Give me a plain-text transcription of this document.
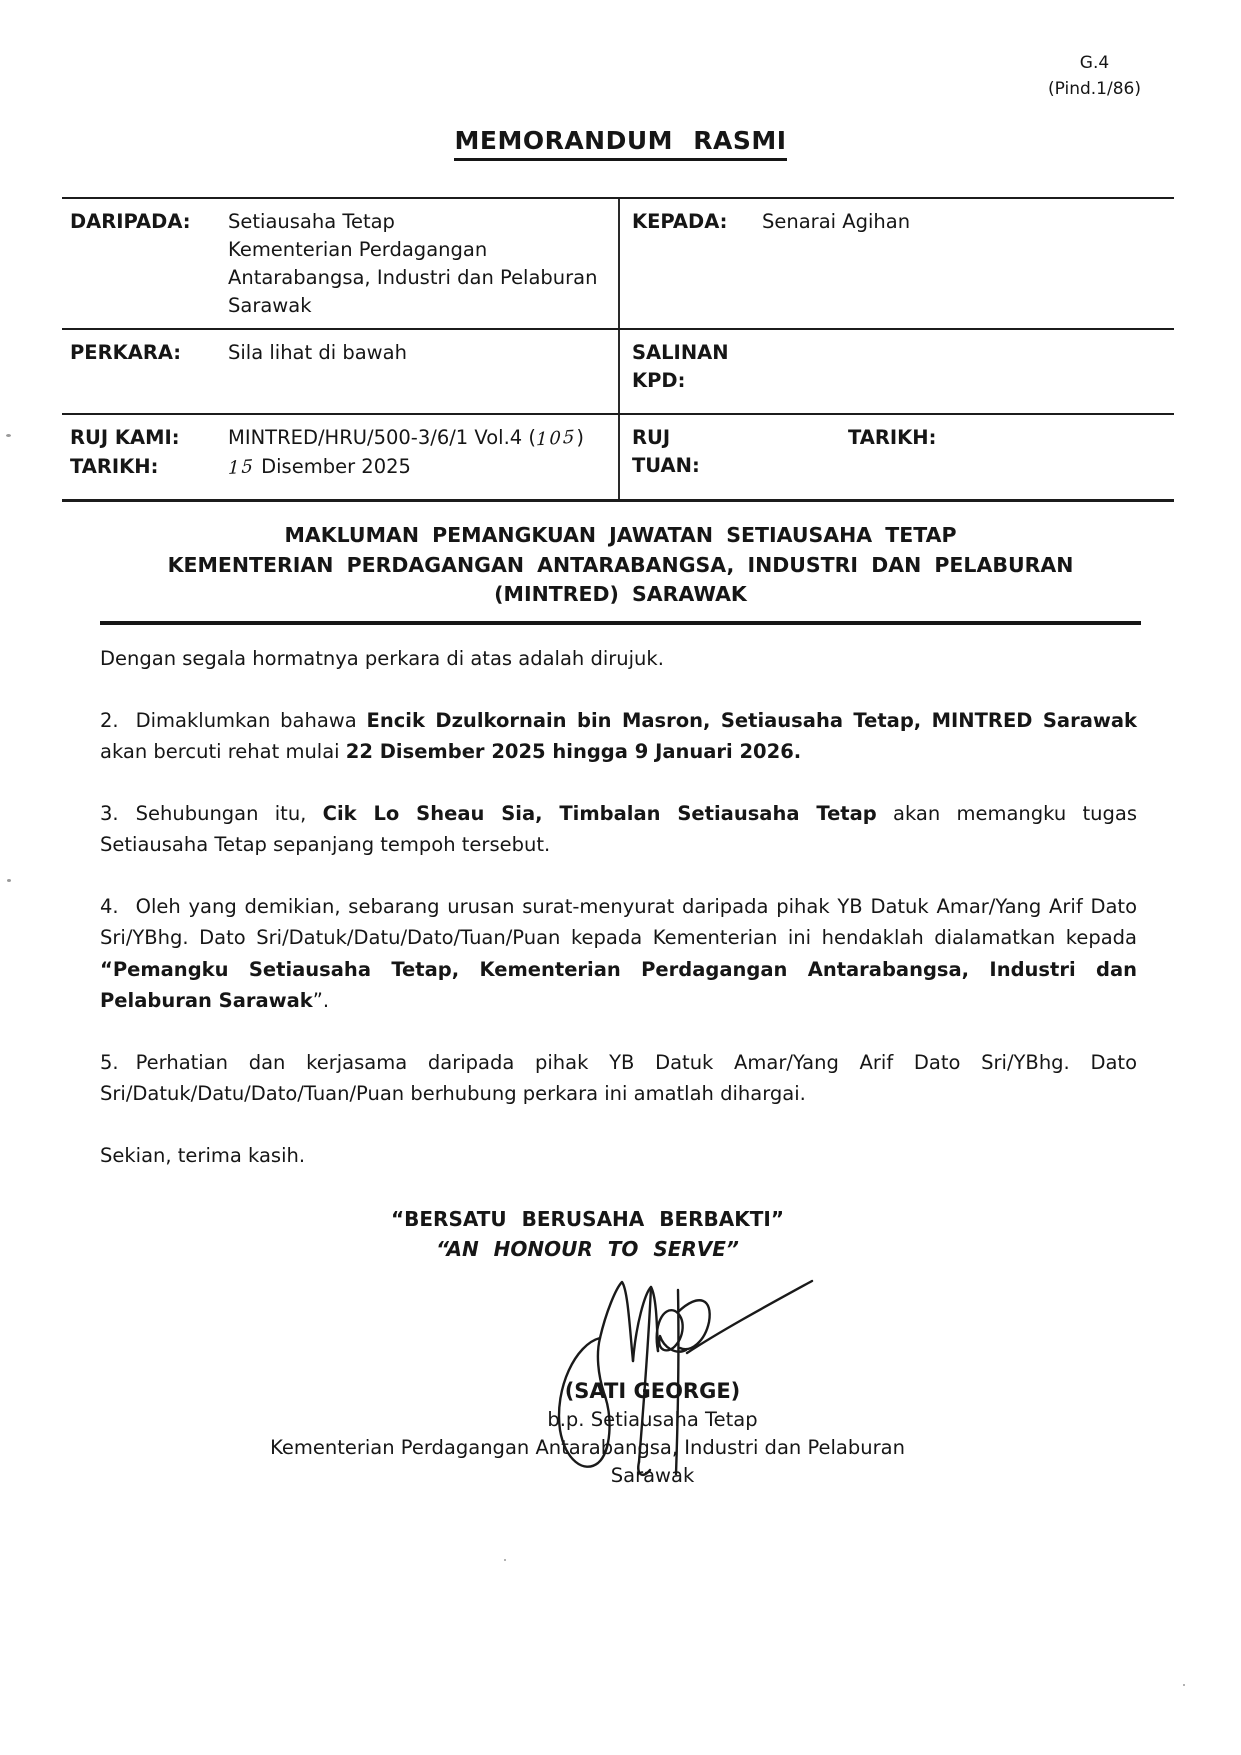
G.4
(Pind.1/86)
MEMORANDUM RASMI
DARIPADA:	Setiausaha Tetap
Kementerian Perdagangan
Antarabangsa, Industri dan Pelaburan
Sarawak
KEPADA:	Senarai Agihan
PERKARA:	Sila lihat di bawah	SALINAN
KPD:
RUJ KAMI:	MINTRED/HRU/500-3/6/1 Vol.4 (105)
TARIKH:	15 Disember 2025
RUJ
TUAN:
TARIKH:
MAKLUMAN PEMANGKUAN JAWATAN SETIAUSAHA TETAP
KEMENTERIAN PERDAGANGAN ANTARABANGSA, INDUSTRI DAN PELABURAN
(MINTRED) SARAWAK

Dengan segala hormatnya perkara di atas adalah dirujuk.

2. Dimaklumkan bahawa Encik Dzulkornain bin Masron, Setiausaha Tetap, MINTRED Sarawak akan bercuti rehat mulai 22 Disember 2025 hingga 9 Januari 2026.

3. Sehubungan itu, Cik Lo Sheau Sia, Timbalan Setiausaha Tetap akan memangku tugas Setiausaha Tetap sepanjang tempoh tersebut.

4. Oleh yang demikian, sebarang urusan surat-menyurat daripada pihak YB Datuk Amar/Yang Arif Dato Sri/YBhg. Dato Sri/Datuk/Datu/Dato/Tuan/Puan kepada Kementerian ini hendaklah dialamatkan kepada “Pemangku Setiausaha Tetap, Kementerian Perdagangan Antarabangsa, Industri dan Pelaburan Sarawak”.

5. Perhatian dan kerjasama daripada pihak YB Datuk Amar/Yang Arif Dato Sri/YBhg. Dato Sri/Datuk/Datu/Dato/Tuan/Puan berhubung perkara ini amatlah dihargai.

Sekian, terima kasih.

“BERSATU BERUSAHA BERBAKTI”
“AN HONOUR TO SERVE”
(SATI GEORGE)
b.p. Setiausaha Tetap
Kementerian Perdagangan Antarabangsa, Industri dan Pelaburan
Sarawak
